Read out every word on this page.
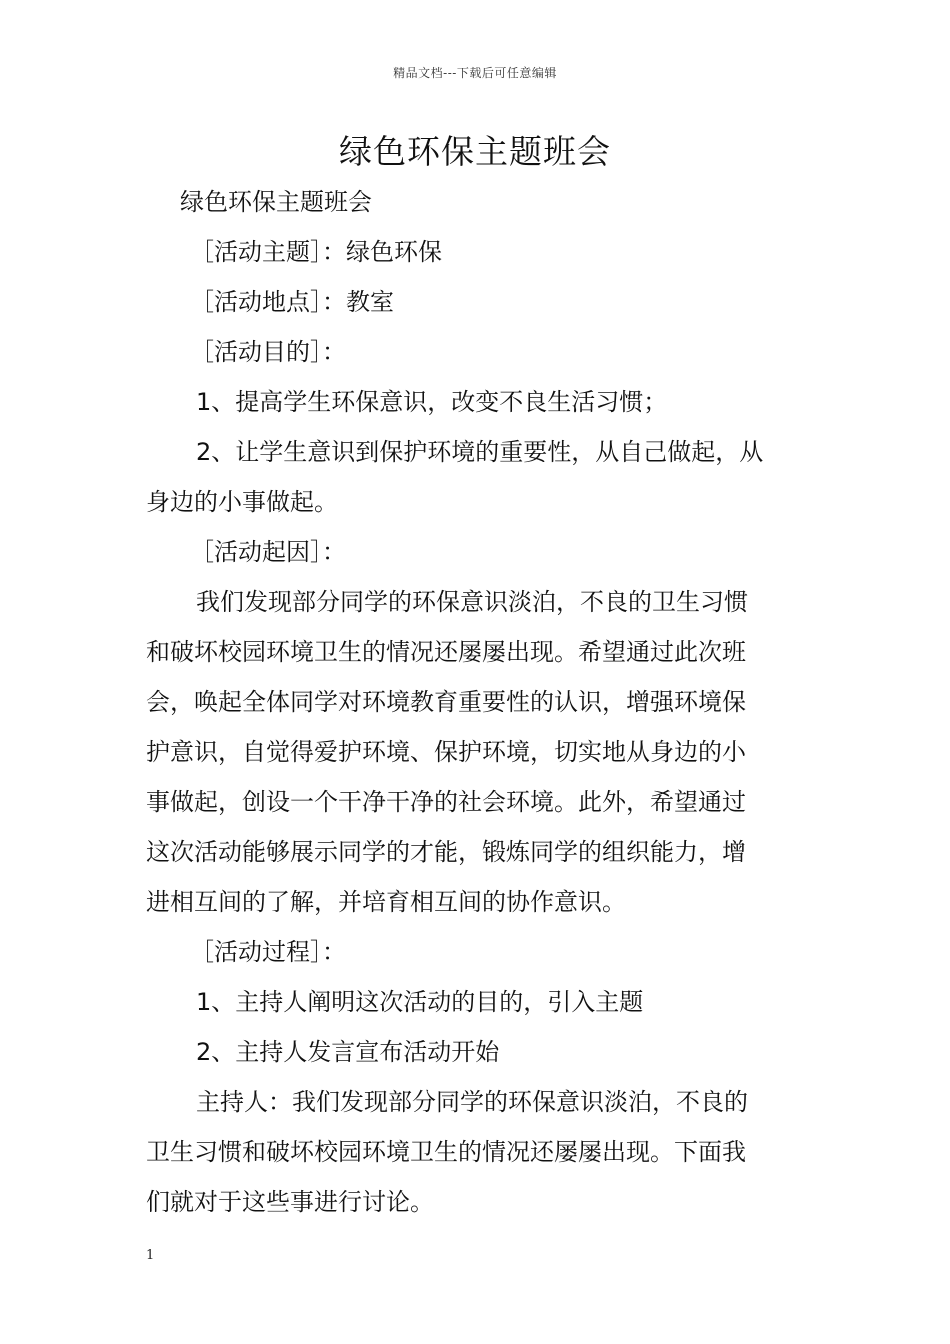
精品文档---下载后可任意编辑
绿色环保主题班会
绿色环保主题班会
［活动主题］：绿色环保
［活动地点］：教室
［活动目的］：
1、提高学生环保意识，改变不良生活习惯；
2、让学生意识到保护环境的重要性，从自己做起，从
身边的小事做起。
［活动起因］：
我们发现部分同学的环保意识淡泊，不良的卫生习惯
和破坏校园环境卫生的情况还屡屡出现。希望通过此次班
会，唤起全体同学对环境教育重要性的认识，增强环境保
护意识，自觉得爱护环境、保护环境，切实地从身边的小
事做起，创设一个干净干净的社会环境。此外，希望通过
这次活动能够展示同学的才能，锻炼同学的组织能力，增
进相互间的了解，并培育相互间的协作意识。
［活动过程］：
1、主持人阐明这次活动的目的，引入主题
2、主持人发言宣布活动开始
主持人：我们发现部分同学的环保意识淡泊，不良的
卫生习惯和破坏校园环境卫生的情况还屡屡出现。下面我
们就对于这些事进行讨论。
1
